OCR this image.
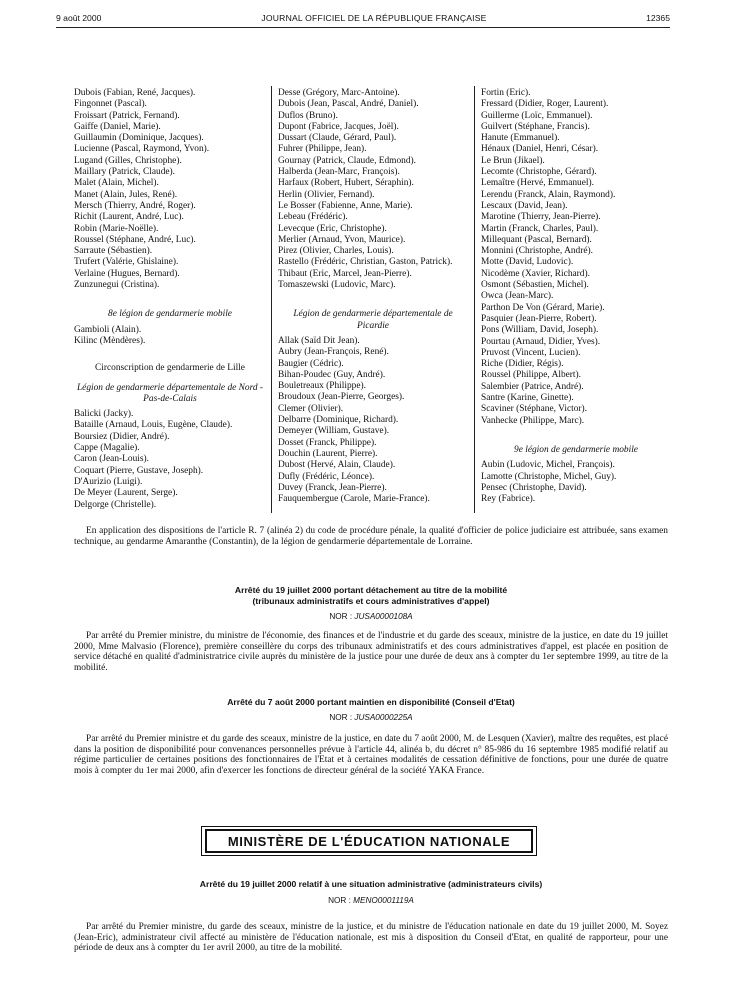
9 août 2000	JOURNAL OFFICIEL DE LA RÉPUBLIQUE FRANÇAISE	12365
Dubois (Fabian, René, Jacques).
Fingonnet (Pascal).
Froissart (Patrick, Fernand).
Gaiffe (Daniel, Marie).
Guillaumin (Dominique, Jacques).
Lucienne (Pascal, Raymond, Yvon).
Lugand (Gilles, Christophe).
Maillary (Patrick, Claude).
Malet (Alain, Michel).
Manet (Alain, Jules, René).
Mersch (Thierry, André, Roger).
Richit (Laurent, André, Luc).
Robin (Marie-Noëlle).
Roussel (Stéphane, André, Luc).
Sarraute (Sébastien).
Trufert (Valérie, Ghislaine).
Verlaine (Hugues, Bernard).
Zunzunegui (Cristina).
8e légion de gendarmerie mobile
Gambioli (Alain).
Kilinc (Mèndères).
Circonscription de gendarmerie de Lille
Légion de gendarmerie départementale de Nord - Pas-de-Calais
Balicki (Jacky).
Bataille (Arnaud, Louis, Eugène, Claude).
Boursiez (Didier, André).
Cappe (Magalie).
Caron (Jean-Louis).
Coquart (Pierre, Gustave, Joseph).
D'Aurizio (Luigi).
De Meyer (Laurent, Serge).
Delgorge (Christelle).
Desse (Grégory, Marc-Antoine).
Dubois (Jean, Pascal, André, Daniel).
Duflos (Bruno).
Dupont (Fabrice, Jacques, Joël).
Dussart (Claude, Gérard, Paul).
Fuhrer (Philippe, Jean).
Gournay (Patrick, Claude, Edmond).
Halberda (Jean-Marc, François).
Harfaux (Robert, Hubert, Séraphin).
Herlin (Olivier, Fernand).
Le Bosser (Fabienne, Anne, Marie).
Lebeau (Frédéric).
Levecque (Eric, Christophe).
Merlier (Arnaud, Yvon, Maurice).
Pirez (Olivier, Charles, Louis).
Rastello (Frédéric, Christian, Gaston, Patrick).
Thibaut (Eric, Marcel, Jean-Pierre).
Tomaszewski (Ludovic, Marc).
Légion de gendarmerie départementale de Picardie
Allak (Saïd Dit Jean).
Aubry (Jean-François, René).
Baugier (Cédric).
Bihan-Poudec (Guy, André).
Bouletreaux (Philippe).
Broudoux (Jean-Pierre, Georges).
Clemer (Olivier).
Delbarre (Dominique, Richard).
Demeyer (William, Gustave).
Dosset (Franck, Philippe).
Douchin (Laurent, Pierre).
Dubost (Hervé, Alain, Claude).
Dufly (Frédéric, Léonce).
Duvey (Franck, Jean-Pierre).
Fauquembergue (Carole, Marie-France).
Fortin (Eric).
Fressard (Didier, Roger, Laurent).
Guillerme (Loïc, Emmanuel).
Guilvert (Stéphane, Francis).
Hanute (Emmanuel).
Hénaux (Daniel, Henri, César).
Le Brun (Jikael).
Lecomte (Christophe, Gérard).
Lemaître (Hervé, Emmanuel).
Lerendu (Franck, Alain, Raymond).
Lescaux (David, Jean).
Marotine (Thierry, Jean-Pierre).
Martin (Franck, Charles, Paul).
Millequant (Pascal, Bernard).
Monnini (Christophe, André).
Motte (David, Ludovic).
Nicodème (Xavier, Richard).
Osmont (Sébastien, Michel).
Owca (Jean-Marc).
Parthon De Von (Gérard, Marie).
Pasquier (Jean-Pierre, Robert).
Pons (William, David, Joseph).
Pourtau (Arnaud, Didier, Yves).
Pruvost (Vincent, Lucien).
Riche (Didier, Régis).
Roussel (Philippe, Albert).
Salembier (Patrice, André).
Santre (Karine, Ginette).
Scaviner (Stéphane, Victor).
Vanhecke (Philippe, Marc).
9e légion de gendarmerie mobile
Aubin (Ludovic, Michel, François).
Lamotte (Christophe, Michel, Guy).
Pensec (Christophe, David).
Rey (Fabrice).
En application des dispositions de l'article R. 7 (alinéa 2) du code de procédure pénale, la qualité d'officier de police judiciaire est attribuée, sans examen technique, au gendarme Amaranthe (Constantin), de la légion de gendarmerie départementale de Lorraine.
Arrêté du 19 juillet 2000 portant détachement au titre de la mobilité
(tribunaux administratifs et cours administratives d'appel)
NOR : JUSA0000108A
Par arrêté du Premier ministre, du ministre de l'économie, des finances et de l'industrie et du garde des sceaux, ministre de la justice, en date du 19 juillet 2000, Mme Malvasio (Florence), première conseillère du corps des tribunaux administratifs et des cours administratives d'appel, est placée en position de service détaché en qualité d'administratrice civile auprès du ministère de la justice pour une durée de deux ans à compter du 1er septembre 1999, au titre de la mobilité.
Arrêté du 7 août 2000 portant maintien en disponibilité (Conseil d'Etat)
NOR : JUSA0000225A
Par arrêté du Premier ministre et du garde des sceaux, ministre de la justice, en date du 7 août 2000, M. de Lesquen (Xavier), maître des requêtes, est placé dans la position de disponibilité pour convenances personnelles prévue à l'article 44, alinéa b, du décret n° 85-986 du 16 septembre 1985 modifié relatif au régime particulier de certaines positions des fonctionnaires de l'Etat et à certaines modalités de cessation définitive de fonctions, pour une durée de quatre mois à compter du 1er mai 2000, afin d'exercer les fonctions de directeur général de la société YAKA France.
MINISTÈRE DE L'ÉDUCATION NATIONALE
Arrêté du 19 juillet 2000 relatif à une situation administrative (administrateurs civils)
NOR : MENO0001119A
Par arrêté du Premier ministre, du garde des sceaux, ministre de la justice, et du ministre de l'éducation nationale en date du 19 juillet 2000, M. Soyez (Jean-Eric), administrateur civil affecté au ministère de l'éducation nationale, est mis à disposition du Conseil d'Etat, en qualité de rapporteur, pour une période de deux ans à compter du 1er avril 2000, au titre de la mobilité.
